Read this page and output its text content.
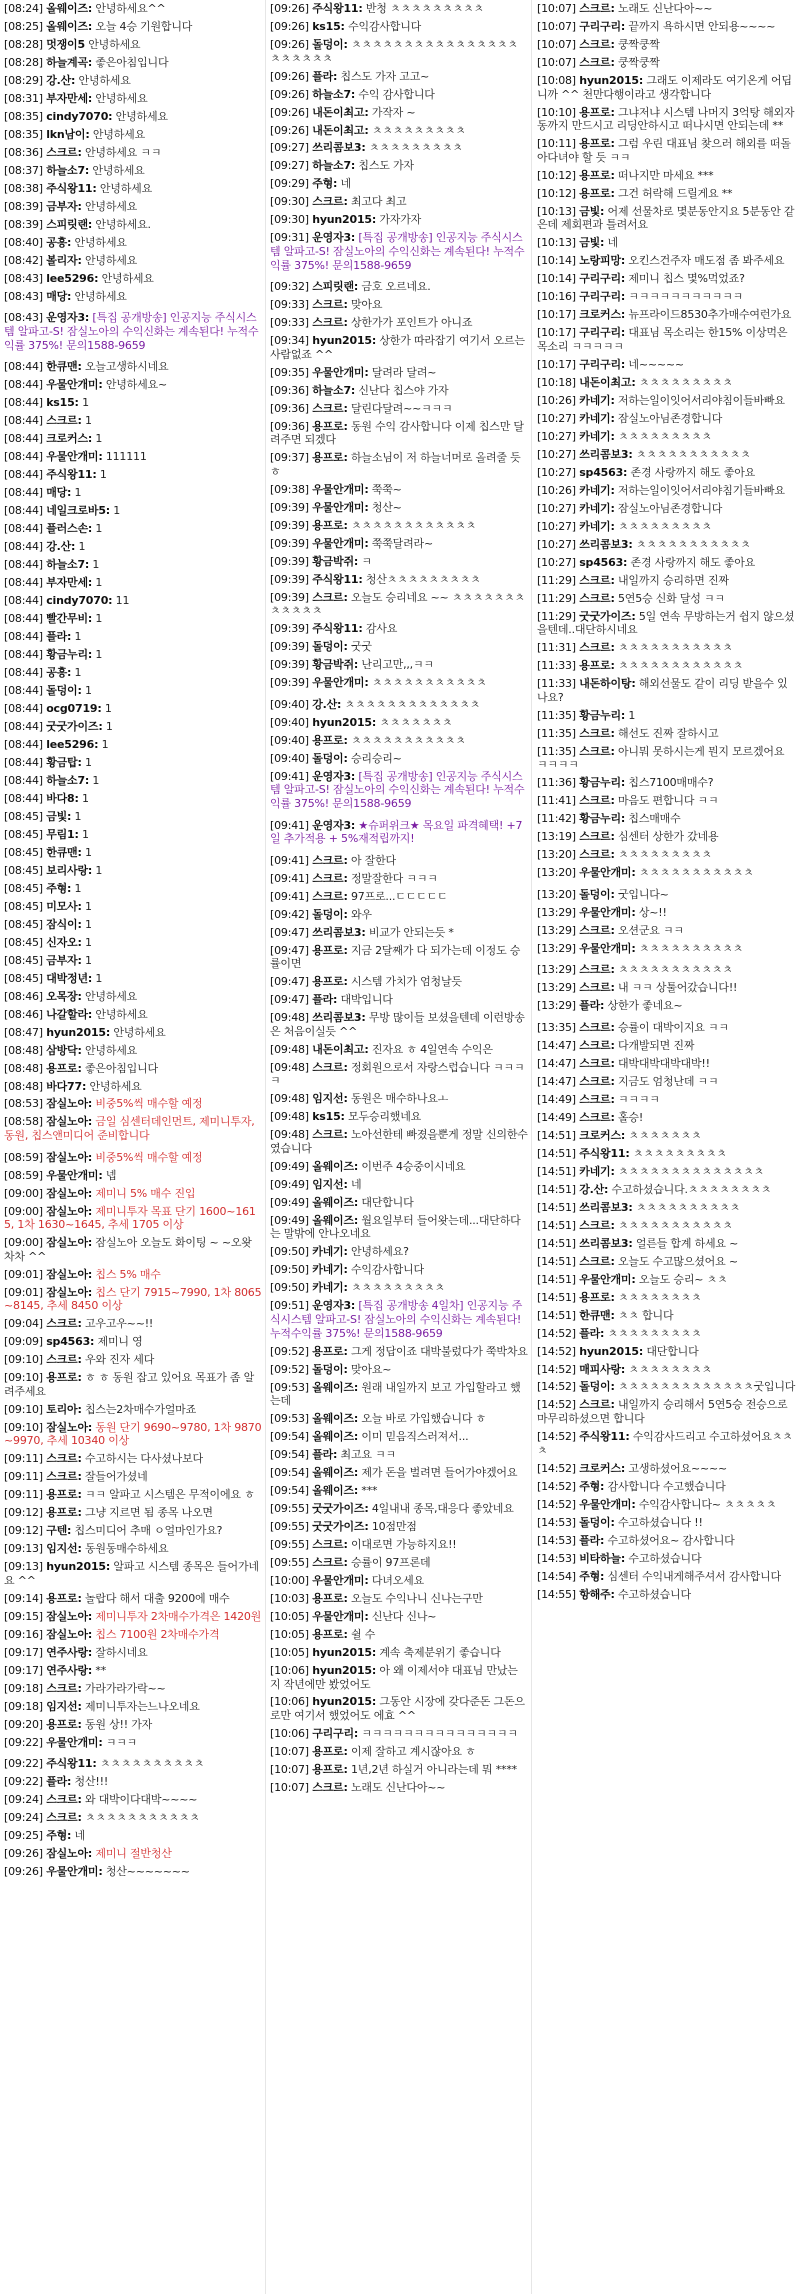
[08:24] 올웨이즈: 안녕하세요^^
[08:25] 올웨이즈: 오늘 4승 기원합니다
[08:28] 멋쟁이5 안녕하세요
[08:28] 하늘계곡: 좋은아침입니다
[08:29] 강.산: 안녕하세요
[08:31] 부자만세: 안녕하세요
[08:35] cindy7070: 안녕하세요
[08:35] lkn남이: 안녕하세요
[08:36] 스크르: 안녕하세요 ㅋㅋ
[08:37] 하늘소7: 안녕하세요
[08:38] 주식왕11: 안녕하세요
[08:39] 금부자: 안녕하세요
[08:39] 스피릿랜: 안녕하세요.
[08:40] 공흥: 안녕하세요
[08:42] 볼리자: 안녕하세요
[08:43] lee5296: 안녕하세요
[08:43] 매당: 안녕하세요
[08:43] 운영자3: [특집 공개방송] 인공지능 주식시스템 알파고-S! 잠실노아의 수익신화는 계속된다! 누적수익률 375%! 문의1588-9659
[08:44] 한큐맨: 오늘고생하시네요
[08:44] 우물안개미: 안녕하세요~
[08:44] ks15: 1
[08:44] 스크르: 1
[08:44] 크로커스: 1
[08:44] 우물안개미: 111111
[08:44] 주식왕11: 1
[08:44] 매당: 1
[08:44] 네일크로바5: 1
[08:44] 플러스손: 1
[08:44] 강.산: 1
[08:44] 하늘소7: 1
[08:44] 부자만세: 1
[08:44] cindy7070: 11
[08:44] 빨간무비: 1
[08:44] 플라: 1
[08:44] 황금누리: 1
[08:44] 공흥: 1
[08:44] 돌덩이: 1
[08:44] ocg0719: 1
[08:44] 굿굿가이즈: 1
[08:44] lee5296: 1
[08:44] 황금탑: 1
[08:44] 하늘소7: 1
[08:44] 바다8: 1
[08:45] 금빛: 1
[08:45] 무림1: 1
[08:45] 한큐맨: 1
[08:45] 보리사랑: 1
[08:45] 주형: 1
[08:45] 미모사: 1
[08:45] 잠식이: 1
[08:45] 신자오: 1
[08:45] 금부자: 1
[08:45] 대박정년: 1
[08:46] 오목장: 안녕하세요
[08:46] 나갈할라: 안녕하세요
[08:47] hyun2015: 안녕하세요
[08:48] 삼방닥: 안녕하세요
[08:48] 용프로: 좋은아침입니다
[08:48] 바다77: 안녕하세요
[08:53] 잠실노아: 비중5%씩 매수할 예정
[08:58] 잠실노아: 금일 심센터데인먼트, 제미니투자, 동원, 칩스앤미디어 준비합니다
[08:59] 잠실노아: 비중5%씩 매수할 예정
[08:59] 우물안개미: 넵
[09:00] 잠실노아: 제미니 5% 매수 진입
[09:00] 잠실노아: 제미니투자 목표 단기 1600~1615, 1차 1630~1645, 추세 1705 이상
[09:00] 잠실노아: 잠실노아 오늘도 화이팅 ~ ~오왓차차 ^^
[09:01] 잠실노아: 칩스 5% 매수
[09:01] 잠실노아: 칩스 단기 7915~7990, 1차 8065~8145, 추세 8450 이상
[09:04] 스크르: 고우고우~~!!
[09:09] sp4563: 제미니 영
[09:10] 스크르: 우와 진자 세다
[09:10] 용프로: ㅎ ㅎ 동원 잡고 있어요 목표가 좀 알려주세요
[09:10] 토리아: 칩스는2차매수가얼마죠
[09:10] 잠실노아: 동원 단기 9690~9780, 1차 9870~9970, 추세 10340 이상
[09:11] 스크르: 수고하시는 다사셨나보다
[09:11] 스크르: 잘들어가셨네
[09:11] 용프로: ㅋㅋ 알파고 시스템은 무적이에요 ㅎ
[09:12] 용프로: 그냥 지르면 됨 종목 나오면
[09:12] 구텐: 칩스미디어 추매 ㅇ얼마인가요?
[09:13] 임지선: 동원동매수하세요
[09:13] hyun2015: 알파고 시스템 종목은 들어가네요 ^^
[09:14] 용프로: 놀랍다 해서 대출 9200에 매수
[09:15] 잠실노아: 제미니투자 2차매수가격은 1420원
[09:16] 잠실노아: 칩스 7100원 2차매수가격
[09:17] 연주사랑: 잘하시네요
[09:17] 연주사랑: **
[09:18] 스크르: 가라가라가락~~
[09:18] 임지선: 제미니투자는느나오네요
[09:20] 용프로: 동원 상!! 가자
[09:22] 우물안개미: ㅋㅋㅋ
[09:22] 주식왕11: ㅊㅊㅊㅊㅊㅊㅊㅊㅊㅊ
[09:22] 플라: 청산!!!
[09:24] 스크르: 와 대박이다대박~~~~
[09:24] 스크르: ㅊㅊㅊㅊㅊㅊㅊㅊㅊㅊㅊ
[09:25] 주형: 네
[09:26] 잠실노아: 제미니 절반청산
[09:26] 우물안개미: 청산~~~~~~~
[09:26] 주식왕11: 반청 ㅊㅊㅊㅊㅊㅊㅊㅊㅊ
[09:26] ks15: 수익감사합니다
[09:26] 돌덩이: ㅊㅊㅊㅊㅊㅊㅊㅊㅊㅊㅊㅊㅊㅊㅊㅊㅊㅊㅊㅊㅊㅊ
[09:26] 플라: 칩스도 가자 고고~
[09:26] 하늘소7: 수익 감사합니다
[09:26] 내돈이최고: 가작자 ~
[09:26] 내돈이최고: ㅊㅊㅊㅊㅊㅊㅊㅊㅊ
[09:27] 쓰리콤보3: ㅊㅊㅊㅊㅊㅊㅊㅊㅊ
[09:27] 하늘소7: 칩스도 가자
[09:29] 주형: 네
[09:30] 스크르: 최고다 최고
[09:30] hyun2015: 가자가자
[09:31] 운영자3: [특집 공개방송] 인공지능 주식시스템 알파고-S! 잠실노아의 수익신화는 계속된다! 누적수익률 375%! 문의1588-9659
[09:32] 스피릿랜: 금호 오르네요.
[09:33] 스크르: 맞아요
[09:33] 스크르: 상한가가 포인트가 아니죠
[09:34] hyun2015: 상한가 따라잡기 여기서 오르는 사람없죠 ^^
[09:35] 우물안개미: 달려라 달려~
[09:36] 하늘소7: 신난다 칩스야 가자
[09:36] 스크르: 달린다달려~~ㅋㅋㅋ
[09:36] 용프로: 동원 수익 감사합니다 이제 칩스만 달려주면 되겠다
[09:37] 용프로: 하늘소님이 저 하늘너머로 올려줄 듯 ㅎ
[09:38] 우물안개미: 쭉쭉~
[09:39] 우물안개미: 청산~
[09:39] 용프로: ㅊㅊㅊㅊㅊㅊㅊㅊㅊㅊㅊㅊ
[09:39] 우물안개미: 쭉쭉달려라~
[09:39] 황금박쥐: ㅋ
[09:39] 주식왕11: 청산ㅊㅊㅊㅊㅊㅊㅊㅊㅊ
[09:39] 스크르: 오늘도 승리네요 ~~ ㅊㅊㅊㅊㅊㅊㅊㅊㅊㅊㅊㅊ
[09:39] 주식왕11: 감사요
[09:39] 돌덩이: 굿굿
[09:39] 황금박쥐: 난리고만,,,ㅋㅋ
[09:39] 우물안개미: ㅊㅊㅊㅊㅊㅊㅊㅊㅊㅊㅊ
[09:40] 강.산: ㅊㅊㅊㅊㅊㅊㅊㅊㅊㅊㅊㅊㅊ
[09:40] hyun2015: ㅊㅊㅊㅊㅊㅊㅊ
[09:40] 용프로: ㅊㅊㅊㅊㅊㅊㅊㅊㅊㅊㅊ
[09:40] 돌덩이: 승리승리~
[09:41] 운영자3: [특집 공개방송] 인공지능 주식시스템 알파고-S! 잠실노아의 수익신화는 계속된다! 누적수익률 375%! 문의1588-9659
[09:41] 운영자3: ★슈퍼위크★ 목요일 파격혜택! +7일 추가적용 + 5%재적립까지!
[09:41] 스크르: 아 잘한다
[09:41] 스크르: 정말잘한다 ㅋㅋㅋ
[09:41] 스크르: 97프로...ㄷㄷㄷㄷㄷ
[09:42] 돌덩이: 와우
[09:47] 쓰리콤보3: 비교가 안되는듯 *
[09:47] 용프로: 지금 2달째가 다 되가는데 이정도 승률이면
[09:47] 용프로: 시스템 가치가 엄청날듯
[09:47] 플라: 대박입니다
[09:48] 쓰리콤보3: 무방 많이들 보셨을텐데 이런방송은 처음이실듯 ^^
[09:48] 내돈이최고: 진자요 ㅎ 4일연속 수익은
[09:48] 스크르: 정회원으로서 자랑스럽습니다 ㅋㅋㅋㅋ
[09:48] 임지선: 동원은 매수하나요ㅗ
[09:48] ks15: 모두승리했네요
[09:48] 스크르: 노아선한테 빠졌을뿐게 정말 신의한수였습니다
[09:49] 올웨이즈: 이번주 4승중이시네요
[09:49] 임지선: 네
[09:49] 올웨이즈: 대단합니다
[09:49] 올웨이즈: 월요일부터 들어왓는데...대단하다는 말밖에 안나오네요
[09:50] 카네기: 안녕하세요?
[09:50] 카네기: 수익감사합니다
[09:50] 카네기: ㅊㅊㅊㅊㅊㅊㅊㅊㅊ
[09:51] 운영자3: [특집 공개방송 4일차] 인공지능 주식시스템 알파고-S! 잠실노아의 수익신화는 계속된다! 누적수익률 375%! 문의1588-9659
[09:52] 용프로: 그게 정답이죠 대박불렀다가 쭉박차요
[09:52] 돌덩이: 맞아요~
[09:53] 올웨이즈: 원래 내일까지 보고 가입할라고 했는데
[09:53] 올웨이즈: 오늘 바로 가입했습니다 ㅎ
[09:54] 올웨이즈: 이미 믿음직스러져서...
[09:54] 플라: 최고요 ㅋㅋ
[09:54] 올웨이즈: 제가 돈을 벌려면 들어가야겠어요
[09:54] 올웨이즈: ***
[09:55] 굿굿가이즈: 4일내내 종목,대응다 좋았네요
[09:55] 굿굿가이즈: 10점만점
[09:55] 스크르: 이대로면 가능하지요!!
[09:55] 스크르: 승률이 97프론데
[10:00] 우물안개미: 다녀오세요
[10:03] 용프로: 오늘도 수익나니 신나는구만
[10:05] 우물안개미: 신난다 신나~
[10:05] 용프로: 쉴 수
[10:05] hyun2015: 계속 축제분위기 좋습니다
[10:06] hyun2015: 아 왜 이제서야 대표님 만났는지 작년에만 봤었어도
[10:06] hyun2015: 그동안 시장에 갖다준돈 그돈으로만 여기서 했었어도 에효 ^^
[10:06] 구리구리: ㅋㅋㅋㅋㅋㅋㅋㅋㅋㅋㅋㅋㅋㅋㅋ
[10:07] 용프로: 이제 잘하고 계시잖아요 ㅎ
[10:07] 용프로: 1년,2년 하실거 아니라는데 뭐 ****
[10:07] 스크르: 노래도 신난다아~~
[10:07] 스크르: 노래도 신난다아~~
[10:07] 구리구리: 끝까지 욕하시면 안되용~~~~
[10:07] 스크르: 쿵짝쿵짝
[10:07] 스크르: 쿵짝쿵짝
[10:08] hyun2015: 그래도 이제라도 여기온게 어딥니까 ^^ 천만다행이라고 생각합니다
[10:10] 용프로: 그냐저냐 시스템 나머지 3억탕 해외자동까지 만드시고 리딩안하시고 떠나시면 안되는데 **
[10:11] 용프로: 그럼 우린 대표님 찾으러 해외를 떠돌아다녀야 할 듯 ㅋㅋ
[10:12] 용프로: 떠나지만 마세요 ***
[10:12] 용프로: 그건 허락해 드릴게요 **
[10:13] 금빛: 어제 선물차로 몇분동안지요 5분동안 같은데 제회편과 틀려서요
[10:13] 금빛: 네
[10:14] 노랑피망: 오킨스건주자 매도점 좀 봐주세요
[10:14] 구리구리: 제미니 칩스 몇%먹었죠?
[10:16] 구리구리: ㅋㅋㅋㅋㅋㅋㅋㅋㅋㅋㅋ
[10:17] 크로커스: 뉴프라이드8530추가매수여런가요
[10:17] 구리구리: 대표님 목소리는 한15% 이상먹은 목소리 ㅋㅋㅋㅋㅋ
[10:17] 구리구리: 네~~~~~
[10:18] 내돈이최고: ㅊㅊㅊㅊㅊㅊㅊㅊㅊ
[10:26] 카네기: 저하는일이잇어서리야침이들바빠요
[10:27] 카네기: 잠실노아님존경합니다
[10:27] 카네기: ㅊㅊㅊㅊㅊㅊㅊㅊㅊ
[10:27] 쓰리콤보3: ㅊㅊㅊㅊㅊㅊㅊㅊㅊㅊㅊ
[10:27] sp4563: 존경 사랑까지 해도 좋아요
[10:26] 카네기: 저하는일이잇어서리야침기들바빠요
[10:27] 카네기: 잠실노아님존경합니다
[10:27] 카네기: ㅊㅊㅊㅊㅊㅊㅊㅊㅊ
[10:27] 쓰리콤보3: ㅊㅊㅊㅊㅊㅊㅊㅊㅊㅊㅊ
[10:27] sp4563: 존경 사랑까지 해도 좋아요
[11:29] 스크르: 내일까지 승리하면 진짜
[11:29] 스크르: 5연5승 신화 달성 ㅋㅋ
[11:29] 굿굿가이즈: 5일 연속 무방하는거 쉽지 않으셨을텐데..대단하시네요
[11:31] 스크르: ㅊㅊㅊㅊㅊㅊㅊㅊㅊㅊㅊ
[11:33] 용프로: ㅊㅊㅊㅊㅊㅊㅊㅊㅊㅊㅊㅊ
[11:33] 내돈하이탕: 해외선물도 같이 리딩 받을수 있나요?
[11:35] 황금누리: 1
[11:35] 스크르: 해선도 진짜 잘하시고
[11:35] 스크르: 아니뭐 못하시는게 뭔지 모르겠어요 ㅋㅋㅋㅋ
[11:36] 황금누리: 칩스7100매매수?
[11:41] 스크르: 마음도 편합니다 ㅋㅋ
[11:42] 황금누리: 칩스매매수
[13:19] 스크르: 심센터 상한가 갔네용
[13:20] 스크르: ㅊㅊㅊㅊㅊㅊㅊㅊㅊ
[13:20] 우물안개미: ㅊㅊㅊㅊㅊㅊㅊㅊㅊㅊㅊ
[13:20] 돌덩이: 굿입니다~
[13:29] 우물안개미: 상~!!
[13:29] 스크르: 오션군요 ㅋㅋ
[13:29] 우물안개미: ㅊㅊㅊㅊㅊㅊㅊㅊㅊㅊ
[13:29] 스크르: ㅊㅊㅊㅊㅊㅊㅊㅊㅊㅊㅊ
[13:29] 스크르: 내 ㅋㅋ 상툴어갔습니다!!
[13:29] 플라: 상한가 좋네요~
[13:35] 스크르: 승률이 대박이지요 ㅋㅋ
[14:47] 스크르: 다개발되면 진짜
[14:47] 스크르: 대박대박대박대박!!
[14:47] 스크르: 지금도 엄청난데 ㅋㅋ
[14:49] 스크르: ㅋㅋㅋㅋ
[14:49] 스크르: 홀승!
[14:51] 크로커스: ㅊㅊㅊㅊㅊㅊㅊ
[14:51] 주식왕11: ㅊㅊㅊㅊㅊㅊㅊㅊㅊ
[14:51] 카네기: ㅊㅊㅊㅊㅊㅊㅊㅊㅊㅊㅊㅊㅊㅊ
[14:51] 강.산: 수고하셨습니다.ㅊㅊㅊㅊㅊㅊㅊㅊ
[14:51] 쓰리콤보3: ㅊㅊㅊㅊㅊㅊㅊㅊㅊㅊ
[14:51] 스크르: ㅊㅊㅊㅊㅊㅊㅊㅊㅊㅊㅊ
[14:51] 쓰리콤보3: 얼른들 합계 하세요 ~
[14:51] 스크르: 오늘도 수고많으셨어요 ~
[14:51] 우물안개미: 오늘도 승리~ ㅊㅊ
[14:51] 용프로: ㅊㅊㅊㅊㅊㅊㅊㅊ
[14:51] 한큐맨: ㅊㅊ 합니다
[14:52] 플라: ㅊㅊㅊㅊㅊㅊㅊㅊㅊ
[14:52] hyun2015: 대단합니다
[14:52] 매피사랑: ㅊㅊㅊㅊㅊㅊㅊㅊ
[14:52] 돌덩이: ㅊㅊㅊㅊㅊㅊㅊㅊㅊㅊㅊㅊㅊ굿입니다
[14:52] 스크르: 내일까지 승리해서 5연5승 전승으로 마무리하셨으면 합니다
[14:52] 주식왕11: 수익감사드리고 수고하셨어요ㅊㅊㅊ
[14:52] 크로커스: 고생하셨어요~~~~
[14:52] 주형: 감사합니다 수고했습니다
[14:52] 우물안개미: 수익감사합니다~ ㅊㅊㅊㅊㅊ
[14:53] 돌덩이: 수고하셨습니다 !!
[14:53] 플라: 수고하셨어요~ 감사합니다
[14:53] 비타하늘: 수고하셨습니다
[14:54] 주형: 심센터 수익내게해주셔서 감사합니다
[14:55] 항해주: 수고하셨습니다
